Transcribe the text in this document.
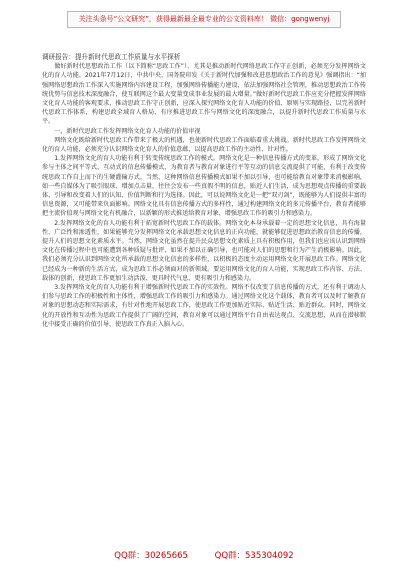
关注头条号“公文研究”，获得最新最全最专业的公文资料库！ 微信：gongwenyj

调研报告：提升新时代思政工作质量与水平探析

做好新时代思想政治工作（以下简称“思政工作”），尤其是推动新时代网络思政工作守正创新，必须充分发挥网络文化的育人功能。2021年7月12日，中共中央、国务院印发《关于新时代加强和改进思想政治工作的意见》强调指出：“加强网络思想政治工作深入实施网络内容建设工程，加强网络传播能力建设，依法加强网络社会管理，推动思想政治工作传统优势与信息技术深度融合，使互联网这个最大变量变成事业发展的最大增量。”做好新时代思政工作应充分把握发挥网络文化育人功能的客观要求，推动思政工作守正创新，应深入探究网络文化育人功能的价值、原则与实现路径，以完善新时代思政工作体系，构建思政全域育人格局，有序推进思政工作与网络文化的深度融合，以提升新时代思政工作质量与水平。

一、新时代思政工作发挥网络文化育人功能的价值审视

网络文化既给新时代思政工作带来了极大的机遇，也使新时代思政工作面临着重大挑战。新时代思政工作发挥网络文化的育人功能，必须充分认识网络文化育人的价值意蕴，以提高思政工作的主动性、针对性。

1.发挥网络文化的育人功能有利于转变传统思政工作的模式。网络文化是一种信息传播方式的变革，形成了网络文化参与主体之间平等式、互动式的信息传播模式，为教育者与教育对象进行平等互动的信息交流提供了可能，有利于改变传统思政工作自上而下的生硬灌输方式。当然，这种网络信息传播模式如果不加以引导，也可能给教育对象带来消极影响，如一些自媒体为了吸引眼球、增加点击量，往往会发布一些真假不明的信息，贴近人们生活，成为思想观点传播的重要载体，引导和改变着人们的认知、价值判断和行为选择。因此，可以说网络文化是一把“双刃剑”，既能够为人们提供丰富的信息资源，又可能带来负面影响。网络文化具有信息传播方式的多样性，通过构建网络文化的多元传播平台，教育者能够把主流价值观与网络文化有机融合，以新颖的形式推送给教育对象，增强思政工作的吸引力和感染力。

2.发挥网络文化的育人功能有利于拓宽新时代思政工作的载体。网络文化本身承载着一定的思想文化信息，具有海量性、广泛性和渗透性，如果能够充分发挥网络文化承载思想文化信息的正向功能，就能够促进思想政治教育信息的传播，提升人们的思想文化素质水平。当然，网络文化虽然在提升民众思想文化素质上具有积极作用，但我们也应该认识到网络文化在传播过程中也可能遭到各种质疑与批评，如果不加以正确引导，也可能对人们的思想和行为产生消极影响。因此，我们必须充分认识到网络文化所承载的思想文化信息的多样性，以积极的态度主动运用网络文化开展思政工作。网络文化已经成为一种新的生活方式，成为思政工作必须面对的新领域。要运用网络文化的育人功能，实现思政工作内容、方法、载体的创新，使思政工作更加生动活泼、更具时代气息、更有吸引力和感染力。

3.发挥网络文化的育人功能有利于增强新时代思政工作的实效性。网络不仅改变了信息传播的方式，还有利于调动人们参与思政工作的积极性和主体性，增强思政工作的吸引力和感染力。通过网络文化这个载体，教育者可以及时了解教育对象的思想动态和实际需求，有针对性地开展思政工作，使思政工作更加贴近实际、贴近生活、贴近群众。同时，网络文化的开放性和互动性为思政工作提供了广阔的空间，教育对象可以通过网络平台自由表达观点、交流思想，从而在潜移默化中接受正确的价值引导，使思政工作真正入脑入心。

QQ群：30265665	QQ群：535304092
